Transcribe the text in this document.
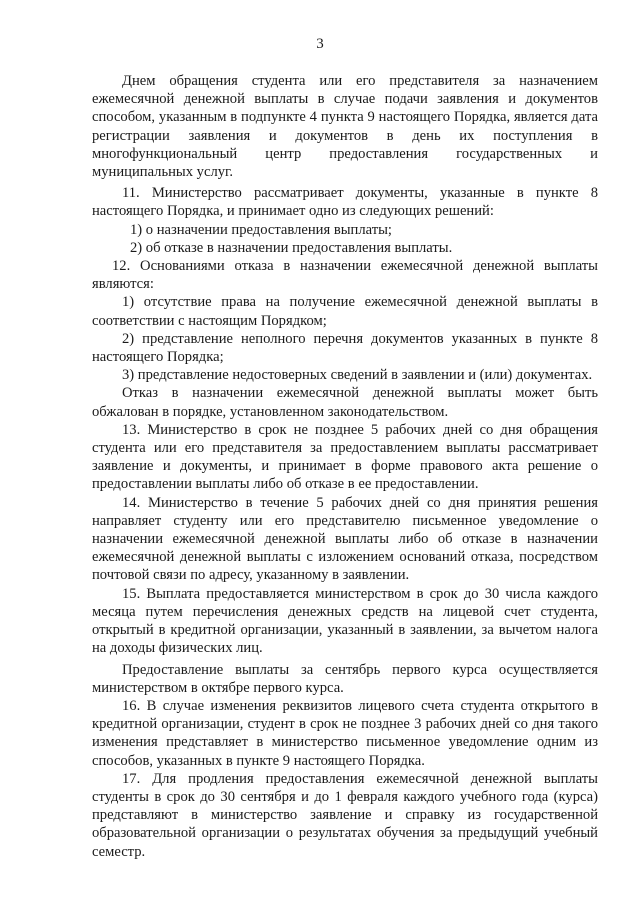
3

Днем обращения студента или его представителя за назначением ежемесячной денежной выплаты в случае подачи заявления и документов способом, указанным в подпункте 4 пункта 9 настоящего Порядка, является дата регистрации заявления и документов в день их поступления в многофункциональный центр предоставления государственных и муниципальных услуг.

11. Министерство рассматривает документы, указанные в пункте 8 настоящего Порядка, и принимает одно из следующих решений:

1) о назначении предоставления выплаты;

2) об отказе в назначении предоставления выплаты.

12. Основаниями отказа в назначении ежемесячной денежной выплаты являются:

1) отсутствие права на получение ежемесячной денежной выплаты в соответствии с настоящим Порядком;

2) представление неполного перечня документов указанных в пункте 8 настоящего Порядка;

3) представление недостоверных сведений в заявлении и (или) документах.

Отказ в назначении ежемесячной денежной выплаты может быть обжалован в порядке, установленном законодательством.

13. Министерство в срок не позднее 5 рабочих дней со дня обращения студента или его представителя за предоставлением выплаты рассматривает заявление и документы, и принимает в форме правового акта решение о предоставлении выплаты либо об отказе в ее предоставлении.

14. Министерство в течение 5 рабочих дней со дня принятия решения направляет студенту или его представителю письменное уведомление о назначении ежемесячной денежной выплаты либо об отказе в назначении ежемесячной денежной выплаты с изложением оснований отказа, посредством почтовой связи по адресу, указанному в заявлении.

15. Выплата предоставляется министерством в срок до 30 числа каждого месяца путем перечисления денежных средств на лицевой счет студента, открытый в кредитной организации, указанный в заявлении, за вычетом налога на доходы физических лиц.

Предоставление выплаты за сентябрь первого курса осуществляется министерством в октябре первого курса.

16. В случае изменения реквизитов лицевого счета студента открытого в кредитной организации, студент в срок не позднее 3 рабочих дней со дня такого изменения представляет в министерство письменное уведомление одним из способов, указанных в пункте 9 настоящего Порядка.

17. Для продления предоставления ежемесячной денежной выплаты студенты в срок до 30 сентября и до 1 февраля каждого учебного года (курса) представляют в министерство заявление и справку из государственной образовательной организации о результатах обучения за предыдущий учебный семестр.
